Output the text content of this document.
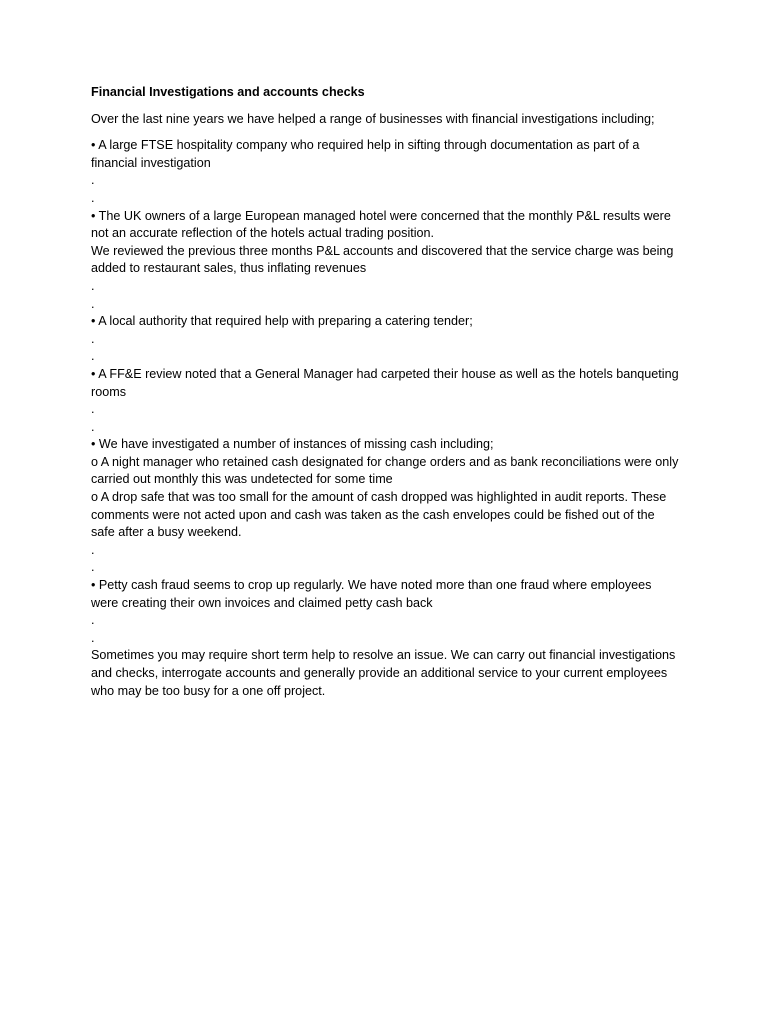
Financial Investigations and accounts checks

Over the last nine years we have helped a range of businesses with financial investigations including;

• A large FTSE hospitality company who required help in sifting through documentation as part of a financial investigation

.

.

• The UK owners of a large European managed hotel were concerned that the monthly P&L results were not an accurate reflection of the hotels actual trading position.

We reviewed the previous three months P&L accounts and discovered that the service charge was being added to restaurant sales, thus inflating revenues

.

.

• A local authority that required help with preparing a catering tender;

.

.

• A FF&E review noted that a General Manager had carpeted their house as well as the hotels banqueting rooms

.

.

• We have investigated a number of instances of missing cash including;

o A night manager who retained cash designated for change orders and as bank reconciliations were only carried out monthly this was undetected for some time

o A drop safe that was too small for the amount of cash dropped was highlighted in audit reports. These comments were not acted upon and cash was taken as the cash envelopes could be fished out of the safe after a busy weekend.

.

.

• Petty cash fraud seems to crop up regularly. We have noted more than one fraud where employees were creating their own invoices and claimed petty cash back

.

.

Sometimes you may require short term help to resolve an issue. We can carry out financial investigations and checks, interrogate accounts and generally provide an additional service to your current employees who may be too busy for a one off project.
